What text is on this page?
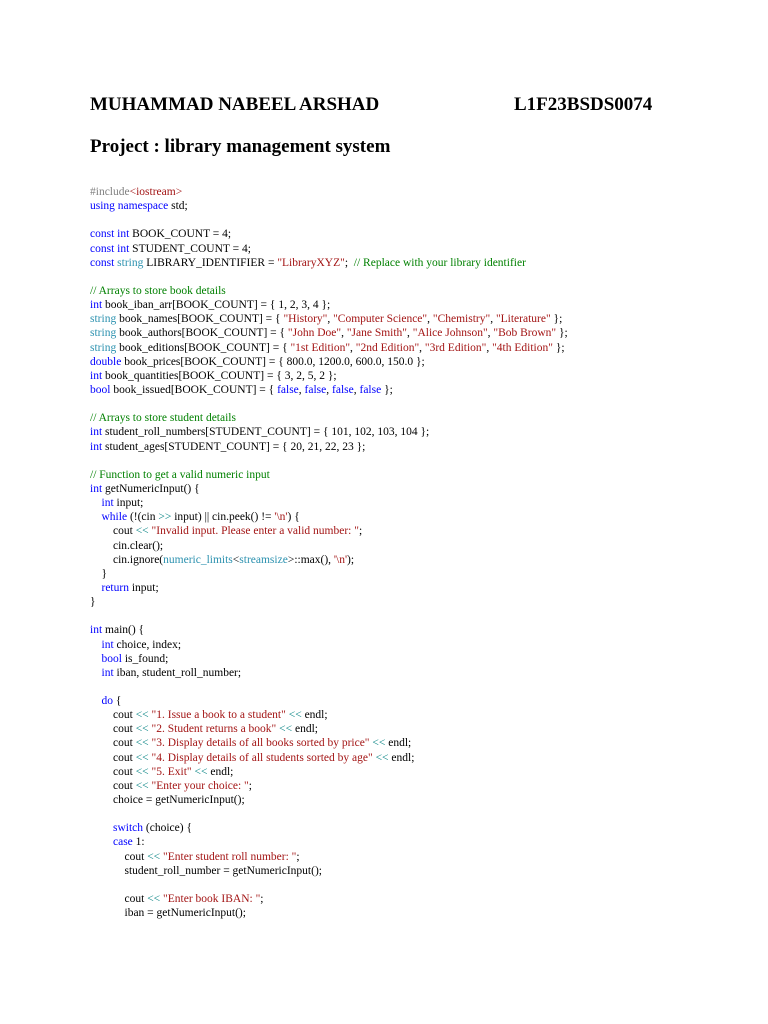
MUHAMMAD NABEEL ARSHAD	L1F23BSDS0074
Project : library management system
#include<iostream>
using namespace std;

const int BOOK_COUNT = 4;
const int STUDENT_COUNT = 4;
const string LIBRARY_IDENTIFIER = "LibraryXYZ";  // Replace with your library identifier

// Arrays to store book details
int book_iban_arr[BOOK_COUNT] = { 1, 2, 3, 4 };
string book_names[BOOK_COUNT] = { "History", "Computer Science", "Chemistry", "Literature" };
string book_authors[BOOK_COUNT] = { "John Doe", "Jane Smith", "Alice Johnson", "Bob Brown" };
string book_editions[BOOK_COUNT] = { "1st Edition", "2nd Edition", "3rd Edition", "4th Edition" };
double book_prices[BOOK_COUNT] = { 800.0, 1200.0, 600.0, 150.0 };
int book_quantities[BOOK_COUNT] = { 3, 2, 5, 2 };
bool book_issued[BOOK_COUNT] = { false, false, false, false };

// Arrays to store student details
int student_roll_numbers[STUDENT_COUNT] = { 101, 102, 103, 104 };
int student_ages[STUDENT_COUNT] = { 20, 21, 22, 23 };

// Function to get a valid numeric input
int getNumericInput() {
int input;
while (!(cin >> input) || cin.peek() != '\n') {
cout << "Invalid input. Please enter a valid number: ";
cin.clear();
cin.ignore(numeric_limits<streamsize>::max(), '\n');
}
return input;
}

int main() {
int choice, index;
bool is_found;
int iban, student_roll_number;

do {
cout << "1. Issue a book to a student" << endl;
cout << "2. Student returns a book" << endl;
cout << "3. Display details of all books sorted by price" << endl;
cout << "4. Display details of all students sorted by age" << endl;
cout << "5. Exit" << endl;
cout << "Enter your choice: ";
choice = getNumericInput();

switch (choice) {
case 1:
cout << "Enter student roll number: ";
student_roll_number = getNumericInput();

cout << "Enter book IBAN: ";
iban = getNumericInput();
